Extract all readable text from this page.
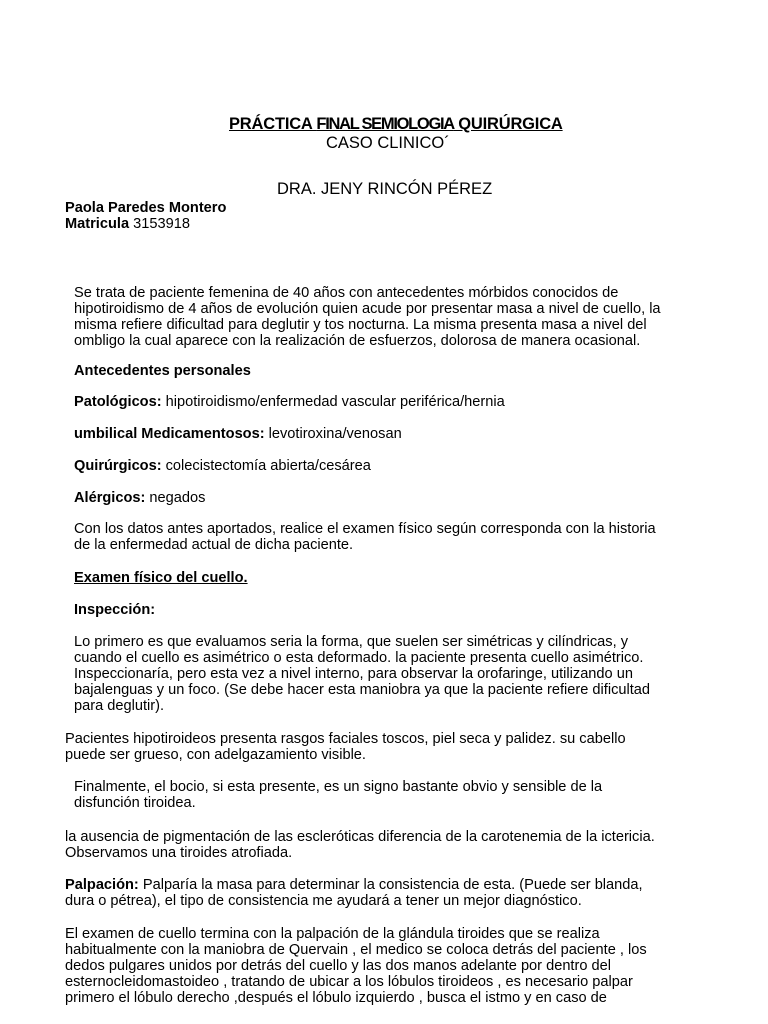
PRÁCTICA FINAL SEMIOLOGIA QUIRÚRGICA
CASO CLINICO´
DRA. JENY RINCÓN PÉREZ
Paola Paredes Montero
Matricula 3153918
Se trata de paciente femenina de 40 años con antecedentes mórbidos conocidos de
hipotiroidismo de 4 años de evolución quien acude por presentar masa a nivel de cuello, la
misma refiere dificultad para deglutir y tos nocturna. La misma presenta masa a nivel del
ombligo la cual aparece con la realización de esfuerzos, dolorosa de manera ocasional.
Antecedentes personales
Patológicos: hipotiroidismo/enfermedad vascular periférica/hernia
umbilical Medicamentosos: levotiroxina/venosan
Quirúrgicos: colecistectomía abierta/cesárea
Alérgicos: negados
Con los datos antes aportados, realice el examen físico según corresponda con la historia
de la enfermedad actual de dicha paciente.
Examen físico del cuello.
Inspección:
Lo primero es que evaluamos seria la forma, que suelen ser simétricas y cilíndricas, y
cuando el cuello es asimétrico o esta deformado. la paciente presenta cuello asimétrico.
Inspeccionaría, pero esta vez a nivel interno, para observar la orofaringe, utilizando un
bajalenguas y un foco. (Se debe hacer esta maniobra ya que la paciente refiere dificultad
para deglutir).
Pacientes hipotiroideos presenta rasgos faciales toscos, piel seca y palidez. su cabello
puede ser grueso, con adelgazamiento visible.
Finalmente, el bocio, si esta presente, es un signo bastante obvio y sensible de la
disfunción tiroidea.
la ausencia de pigmentación de las escleróticas diferencia de la carotenemia de la ictericia.
Observamos una tiroides atrofiada.
Palpación: Palparía la masa para determinar la consistencia de esta. (Puede ser blanda,
dura o pétrea), el tipo de consistencia me ayudará a tener un mejor diagnóstico.
El examen de cuello termina con la palpación de la glándula tiroides que se realiza
habitualmente con la maniobra de Quervain , el medico se coloca detrás del paciente , los
dedos pulgares unidos por detrás del cuello y las dos manos adelante por dentro del
esternocleidomastoideo , tratando de ubicar a los lóbulos tiroideos , es necesario palpar
primero el lóbulo derecho ,después el lóbulo izquierdo , busca el istmo y en caso de
